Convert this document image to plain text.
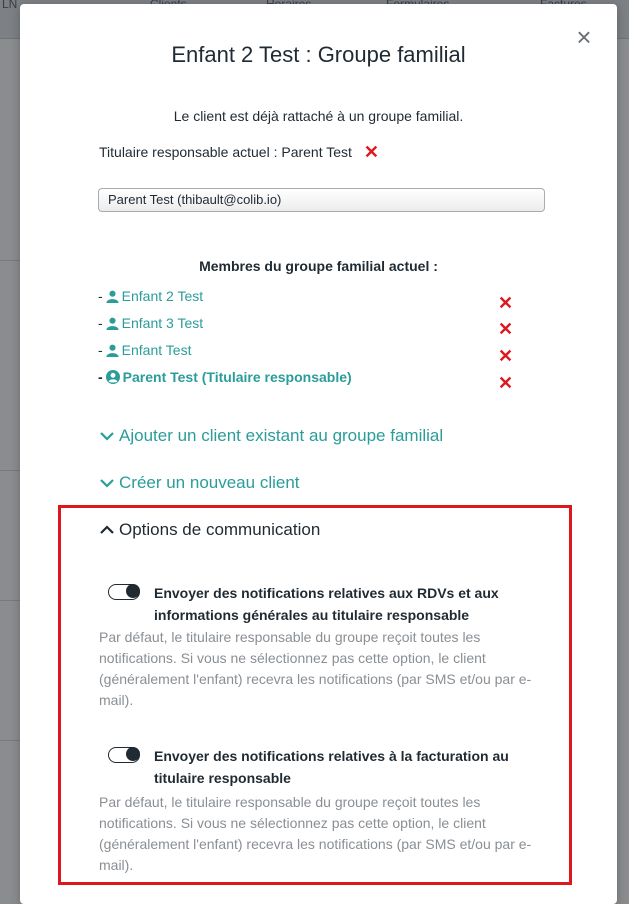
LN
×
Enfant 2 Test : Groupe familial
Le client est déjà rattaché à un groupe familial.
Titulaire responsable actuel : Parent Test ✕
Parent Test (thibault@colib.io)
Membres du groupe familial actuel :
- Enfant 2 Test	✕
- Enfant 3 Test	✕
- Enfant Test	✕
- Parent Test (Titulaire responsable)	✕
Ajouter un client existant au groupe familial
Créer un nouveau client
Options de communication
Envoyer des notifications relatives aux RDVs et aux informations générales au titulaire responsable
Par défaut, le titulaire responsable du groupe reçoit toutes les notifications. Si vous ne sélectionnez pas cette option, le client (généralement l'enfant) recevra les notifications (par SMS et/ou par e-mail).
Envoyer des notifications relatives à la facturation au titulaire responsable
Par défaut, le titulaire responsable du groupe reçoit toutes les notifications. Si vous ne sélectionnez pas cette option, le client (généralement l'enfant) recevra les notifications (par SMS et/ou par e-mail).
